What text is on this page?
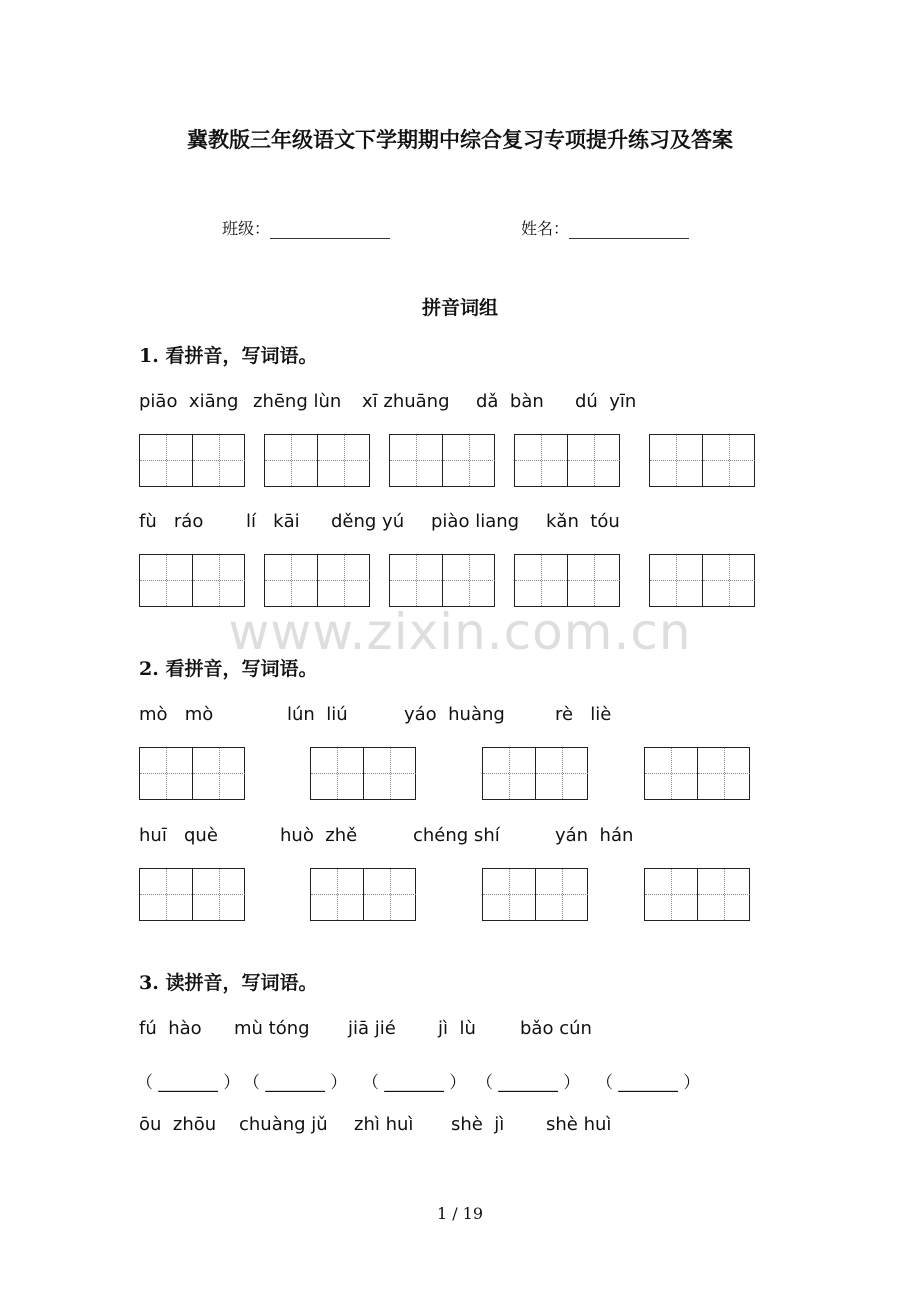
冀教版三年级语文下学期期中综合复习专项提升练习及答案
班级：	姓名：
拼音词组
1. 看拼音，写词语。
piāo  xiāng zhēng lùn xī zhuāng dǎ  bàn dú  yīn
fù   ráo lí   kāi děng yú piào liang kǎn  tóu
www.zixin.com.cn
2. 看拼音，写词语。
mò   mò	lún  liú	yáo  huàng	rè   liè
huī   què	huò  zhě	chéng shí	yán  hán
3. 读拼音，写词语。
fú  hào mù tóng jiā jié jì  lù bǎo cún
（ _______ ） （ _______ ） （ _______ ） （ _______ ） （ _______ ）
ōu  zhōu chuàng jǔ zhì huì shè  jì shè huì
1 / 19
